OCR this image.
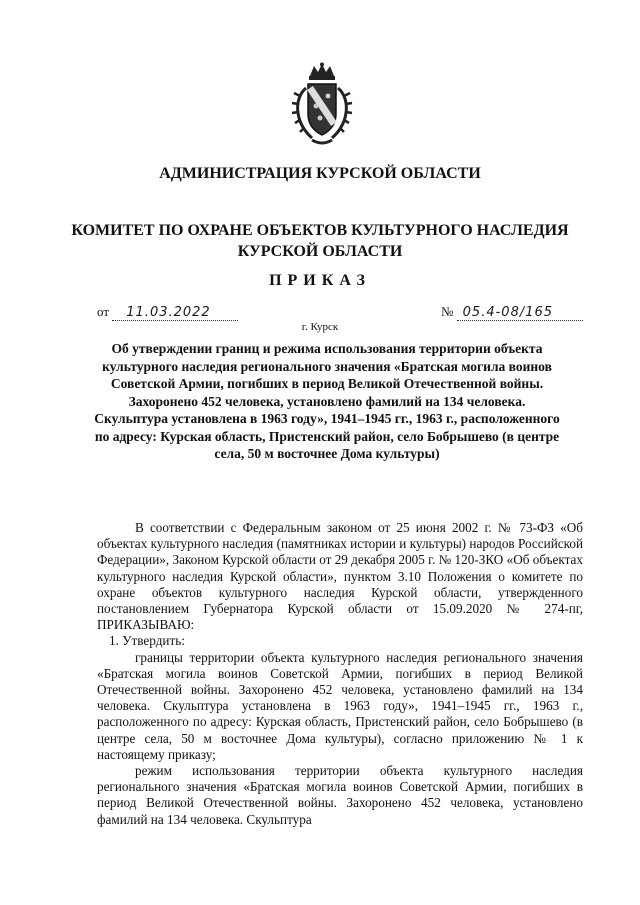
АДМИНИСТРАЦИЯ КУРСКОЙ ОБЛАСТИ
КОМИТЕТ ПО ОХРАНЕ ОБЪЕКТОВ КУЛЬТУРНОГО НАСЛЕДИЯ
КУРСКОЙ ОБЛАСТИ
ПРИКАЗ
от 11.03.2022	№ 05.4-08/165
г. Курск

Об утверждении границ и режима использования территории объекта культурного наследия регионального значения «Братская могила воинов Советской Армии, погибших в период Великой Отечественной войны. Захоронено 452 человека, установлено фамилий на 134 человека. Скульптура установлена в 1963 году», 1941–1945 гг., 1963 г., расположенного по адресу: Курская область, Пристенский район, село Бобрышево (в центре села, 50 м восточнее Дома культуры)

В соответствии с Федеральным законом от 25 июня 2002 г. № 73-ФЗ «Об объектах культурного наследия (памятниках истории и культуры) народов Российской Федерации», Законом Курской области от 29 декабря 2005 г. № 120-ЗКО «Об объектах культурного наследия Курской области», пунктом 3.10 Положения о комитете по охране объектов культурного наследия Курской области, утвержденного постановлением Губернатора Курской области от 15.09.2020 № 274-пг, ПРИКАЗЫВАЮ:

1. Утвердить:

границы территории объекта культурного наследия регионального значения «Братская могила воинов Советской Армии, погибших в период Великой Отечественной войны. Захоронено 452 человека, установлено фамилий на 134 человека. Скульптура установлена в 1963 году», 1941–1945 гг., 1963 г., расположенного по адресу: Курская область, Пристенский район, село Бобрышево (в центре села, 50 м восточнее Дома культуры), согласно приложению № 1 к настоящему приказу;

режим использования территории объекта культурного наследия регионального значения «Братская могила воинов Советской Армии, погибших в период Великой Отечественной войны. Захоронено 452 человека, установлено фамилий на 134 человека. Скульптура
